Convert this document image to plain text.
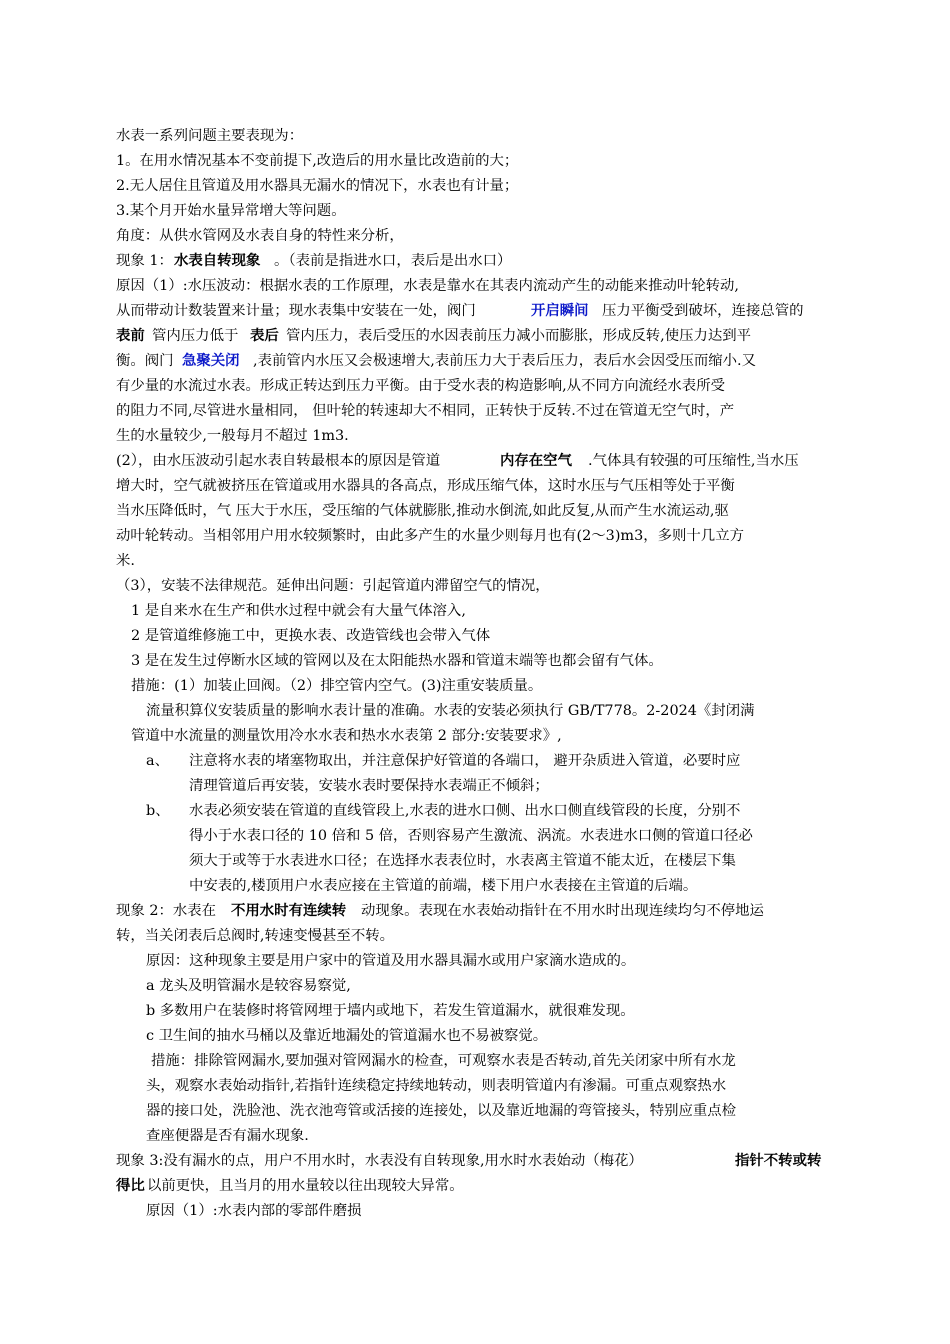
水表一系列问题主要表现为：
1。在用水情况基本不变前提下,改造后的用水量比改造前的大；
2.无人居住且管道及用水器具无漏水的情况下，水表也有计量；
3.某个月开始水量异常增大等问题。
角度：从供水管网及水表自身的特性来分析，
现象 1： 水表自转现象 。（表前是指进水口，表后是出水口）
原因（1）:水压波动：根据水表的工作原理，水表是靠水在其表内流动产生的动能来推动叶轮转动,
从而带动计数装置来计量；现水表集中安装在一处，阀门	开启瞬间 压力平衡受到破坏，连接总管的
表前 管内压力低于 表后 管内压力，表后受压的水因表前压力减小而膨胀，形成反转,使压力达到平
衡。阀门 急聚关闭 ,表前管内水压又会极速增大,表前压力大于表后压力，表后水会因受压而缩小.又
有少量的水流过水表。形成正转达到压力平衡。由于受水表的构造影响,从不同方向流经水表所受
的阻力不同,尽管进水量相同， 但叶轮的转速却大不相同，正转快于反转.不过在管道无空气时，产
生的水量较少,一般每月不超过 1m3.
(2），由水压波动引起水表自转最根本的原因是管道	内存在空气 .气体具有较强的可压缩性,当水压
增大时，空气就被挤压在管道或用水器具的各高点，形成压缩气体，这时水压与气压相等处于平衡
当水压降低时，气 压大于水压，受压缩的气体就膨胀,推动水倒流,如此反复,从而产生水流运动,驱
动叶轮转动。当相邻用户用水较频繁时，由此多产生的水量少则每月也有(2～3)m3，多则十几立方
米.
（3），安装不法律规范。延伸出问题：引起管道内滞留空气的情况，
1 是自来水在生产和供水过程中就会有大量气体溶入,
2 是管道维修施工中，更换水表、改造管线也会带入气体
3 是在发生过停断水区域的管网以及在太阳能热水器和管道末端等也都会留有气体。
措施：(1）加装止回阀。（2）排空管内空气。(3)注重安装质量。
流量积算仪安装质量的影响水表计量的准确。水表的安装必须执行 GB/T778。2-2024《封闭满
管道中水流量的测量饮用冷水水表和热水水表第 2 部分:安装要求》,
a、 注意将水表的堵塞物取出，并注意保护好管道的各端口， 避开杂质进入管道，必要时应
清理管道后再安装，安装水表时要保持水表端正不倾斜；
b、 水表必须安装在管道的直线管段上,水表的进水口侧、出水口侧直线管段的长度，分别不
得小于水表口径的 10 倍和 5 倍，否则容易产生激流、涡流。水表进水口侧的管道口径必
须大于或等于水表进水口径；在选择水表表位时，水表离主管道不能太近，在楼层下集
中安表的,楼顶用户水表应接在主管道的前端，楼下用户水表接在主管道的后端。
现象 2：水表在 不用水时有连续转 动现象。表现在水表始动指针在不用水时出现连续均匀不停地运
转，当关闭表后总阀时,转速变慢甚至不转。
原因：这种现象主要是用户家中的管道及用水器具漏水或用户家滴水造成的。
a 龙头及明管漏水是较容易察觉,
b 多数用户在装修时将管网埋于墙内或地下，若发生管道漏水，就很难发现。
c 卫生间的抽水马桶以及靠近地漏处的管道漏水也不易被察觉。
措施：排除管网漏水,要加强对管网漏水的检查，可观察水表是否转动,首先关闭家中所有水龙
头，观察水表始动指针,若指针连续稳定持续地转动，则表明管道内有渗漏。可重点观察热水
器的接口处，洗脸池、洗衣池弯管或活接的连接处，以及靠近地漏的弯管接头，特别应重点检
查座便器是否有漏水现象.
现象 3:没有漏水的点，用户不用水时，水表没有自转现象,用水时水表始动（梅花）	指针不转或转
得比 以前更快，且当月的用水量较以往出现较大异常。
原因（1）:水表内部的零部件磨损
